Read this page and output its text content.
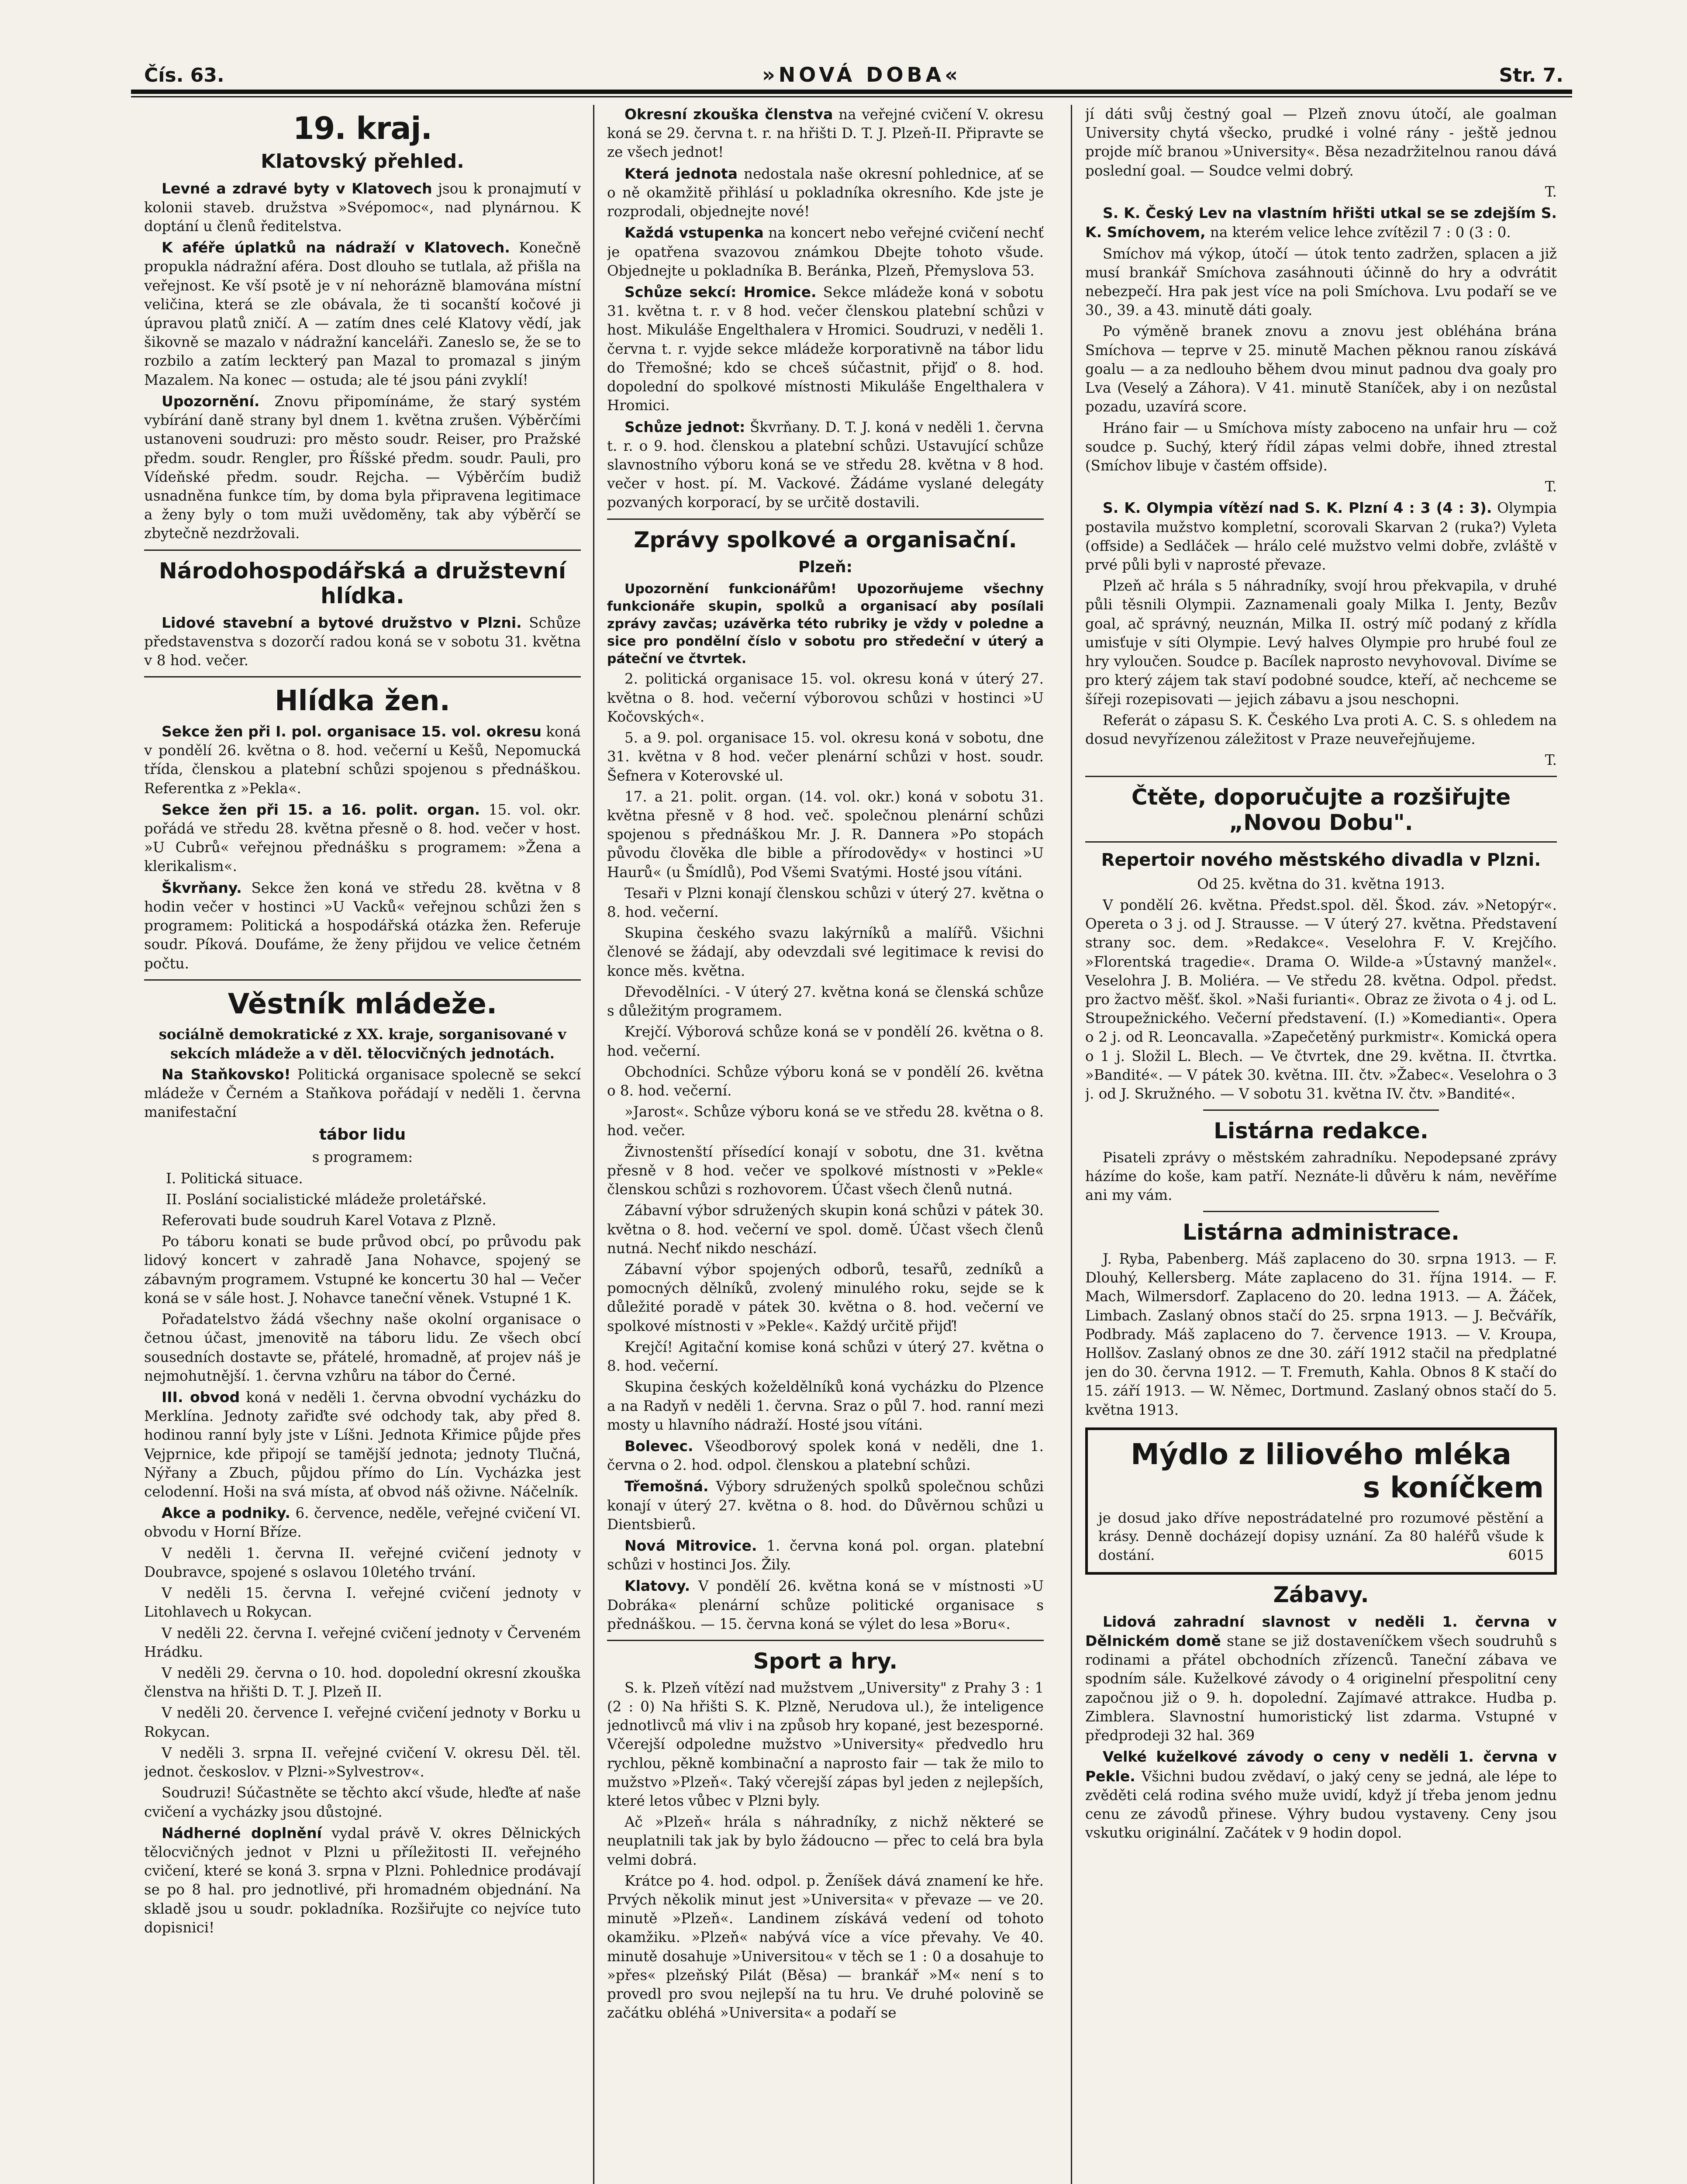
Čís. 63.	»NOVÁ DOBA«	Str. 7.
19. kraj.
Klatovský přehled.

Levné a zdravé byty v Klatovech jsou k pronajmutí v kolonii staveb. družstva »Svépomoc«, nad plynárnou. K doptání u členů ředitelstva.

K aféře úplatků na nádraží v Klatovech. Konečně propukla nádražní aféra. Dost dlouho se tutlala, až přišla na veřejnost. Ke vší psotě je v ní nehoráznĕ blamována místní veličina, která se zle obávala, že ti socanští kočové ji úpravou platů zničí. A — zatím dnes celé Klatovy vědí, jak šikovně se mazalo v nádražní kanceláři. Zaneslo se, že se to rozbilo a zatím leckterý pan Mazal to promazal s jiným Mazalem. Na konec — ostuda; ale té jsou páni zvyklí!

Upozornění. Znovu připomínáme, že starý systém vybírání daně strany byl dnem 1. května zrušen. Výběrčími ustanoveni soudruzi: pro město soudr. Reiser, pro Pražské předm. soudr. Rengler, pro Říšské předm. soudr. Pauli, pro Vídeňské předm. soudr. Rejcha. — Výběrčím budiž usnadněna funkce tím, by doma byla připravena legitimace a ženy byly o tom muži uvědoměny, tak aby výběrčí se zbytečně nezdržovali.

Národohospodářská a družstevní hlídka.

Lidové stavební a bytové družstvo v Plzni. Schůze představenstva s dozorčí radou koná se v sobotu 31. května v 8 hod. večer.

Hlídka žen.

Sekce žen při I. pol. organisace 15. vol. okresu koná v pondělí 26. května o 8. hod. večerní u Kešů, Nepomucká třída, členskou a platební schůzi spojenou s přednáškou. Referentka z »Pekla«.

Sekce žen při 15. a 16. polit. organ. 15. vol. okr. pořádá ve středu 28. května přesně o 8. hod. večer v host. »U Cubrů« veřejnou přednášku s programem: »Žena a klerikalism«.

Škvrňany. Sekce žen koná ve středu 28. května v 8 hodin večer v hostinci »U Vacků« veřejnou schůzi žen s programem: Politická a hospodářská otázka žen. Referuje soudr. Píková. Doufáme, že ženy přijdou ve velice četném počtu.

Věstník mládeže.

sociálně demokratické z XX. kraje, sorganisované v sekcích mládeže a v děl. tělocvičných jednotách.

Na Staňkovsko! Politická organisace spolecně se sekcí mládeže v Černém a Staňkova pořádají v neděli 1. června manifestační

tábor lidu

s programem:

I. Politická situace.

II. Poslání socialistické mládeže proletářské.

Referovati bude soudruh Karel Votava z Plzně.

Po táboru konati se bude průvod obcí, po průvodu pak lidový koncert v zahradě Jana Nohavce, spojený se zábavným programem. Vstupné ke koncertu 30 hal — Večer koná se v sále host. J. Nohavce taneční věnek. Vstupné 1 K.

Pořadatelstvo žádá všechny naše okolní organisace o četnou účast, jmenovitě na táboru lidu. Ze všech obcí sousedních dostavte se, přátelé, hromadně, ať projev náš je nejmohutnější. 1. června vzhůru na tábor do Černé.

III. obvod koná v neděli 1. června obvodní vycházku do Merklína. Jednoty zařiďte své odchody tak, aby před 8. hodinou ranní byly jste v Líšni. Jednota Křimice půjde přes Vejprnice, kde připojí se tamější jednota; jednoty Tlučná, Nýřany a Zbuch, půjdou přímo do Lín. Vycházka jest celodenní. Hoši na svá místa, ať obvod náš oživne. Náčelník.

Akce a podniky. 6. července, neděle, veřejné cvičení VI. obvodu v Horní Bříze.

V neděli 1. června II. veřejné cvičení jednoty v Doubravce, spojené s oslavou 10letého trvání.

V neděli 15. června I. veřejné cvičení jednoty v Litohlavech u Rokycan.

V neděli 22. června I. veřejné cvičení jednoty v Červeném Hrádku.

V neděli 29. června o 10. hod. dopolední okresní zkouška členstva na hřišti D. T. J. Plzeň II.

V neděli 20. července I. veřejné cvičení jednoty v Borku u Rokycan.

V neděli 3. srpna II. veřejné cvičení V. okresu Děl. těl. jednot. českoslov. v Plzni-»Sylvestrov«.

Soudruzi! Súčastněte se těchto akcí všude, hleďte ať naše cvičení a vycházky jsou důstojné.

Nádherné doplnění vydal právě V. okres Dělnických tělocvičných jednot v Plzni u příležitosti II. veřejného cvičení, které se koná 3. srpna v Plzni. Pohlednice prodávají se po 8 hal. pro jednotlivé, při hromadném objednání. Na skladě jsou u soudr. pokladníka. Rozšiřujte co nejvíce tuto dopisnici!

Okresní zkouška členstva na veřejné cvičení V. okresu koná se 29. června t. r. na hřišti D. T. J. Plzeň-II. Připravte se ze všech jednot!

Která jednota nedostala naše okresní pohlednice, ať se o ně okamžitě přihlásí u pokladníka okresního. Kde jste je rozprodali, objednejte nové!

Každá vstupenka na koncert nebo veřejné cvičení nechť je opatřena svazovou známkou Dbejte tohoto všude. Objednejte u pokladníka B. Beránka, Plzeň, Přemyslova 53.

Schůze sekcí: Hromice. Sekce mládeže koná v sobotu 31. května t. r. v 8 hod. večer členskou platební schůzi v host. Mikuláše Engelthalera v Hromici. Soudruzi, v neděli 1. června t. r. vyjde sekce mládeže korporativně na tábor lidu do Třemošné; kdo se chceš súčastnit, přijď o 8. hod. dopolední do spolkové místnosti Mikuláše Engelthalera v Hromici.

Schůze jednot: Škvrňany. D. T. J. koná v neděli 1. června t. r. o 9. hod. členskou a platební schůzi. Ustavující schůze slavnostního výboru koná se ve středu 28. května v 8 hod. večer v host. pí. M. Vackové. Žádáme vyslané delegáty pozvaných korporací, by se určitě dostavili.

Zprávy spolkové a organisační.
Plzeň:

Upozornění funkcionářům! Upozorňujeme všechny funkcionáře skupin, spolků a organisací aby posílali zprávy zavčas; uzávěrka této rubriky je vždy v poledne a sice pro pondělní číslo v sobotu pro středeční v úterý a páteční ve čtvrtek.

2. politická organisace 15. vol. okresu koná v úterý 27. května o 8. hod. večerní výborovou schůzi v hostinci »U Kočovských«.

5. a 9. pol. organisace 15. vol. okresu koná v sobotu, dne 31. května v 8 hod. večer plenární schůzi v host. soudr. Šefnera v Koterovské ul.

17. a 21. polit. organ. (14. vol. okr.) koná v sobotu 31. května přesně v 8 hod. več. společnou plenární schůzi spojenou s přednáškou Mr. J. R. Dannera »Po stopách původu člověka dle bible a přírodovědy« v hostinci »U Haurů« (u Šmídlů), Pod Všemi Svatými. Hosté jsou vítáni.

Tesaři v Plzni konají členskou schůzi v úterý 27. května o 8. hod. večerní.

Skupina českého svazu lakýrníků a malířů. Všichni členové se žádají, aby odevzdali své legitimace k revisi do konce měs. května.

Dřevodělníci. - V úterý 27. května koná se členská schůze s důležitým programem.

Krejčí. Výborová schůze koná se v pondělí 26. května o 8. hod. večerní.

Obchodníci. Schůze výboru koná se v pondělí 26. května o 8. hod. večerní.

»Jarost«. Schůze výboru koná se ve středu 28. května o 8. hod. večer.

Živnostenští přísedící konají v sobotu, dne 31. května přesně v 8 hod. večer ve spolkové místnosti v »Pekle« členskou schůzi s rozhovorem. Účast všech členů nutná.

Zábavní výbor sdružených skupin koná schůzi v pátek 30. května o 8. hod. večerní ve spol. domě. Účast všech členů nutná. Nechť nikdo neschází.

Zábavní výbor spojených odborů, tesařů, zedníků a pomocných dělníků, zvolený minulého roku, sejde se k důležité poradě v pátek 30. května o 8. hod. večerní ve spolkové místnosti v »Pekle«. Každý určitě přijď!

Krejčí! Agitační komise koná schůzi v úterý 27. května o 8. hod. večerní.

Skupina českých koželdělníků koná vycházku do Plzence a na Radyň v neděli 1. června. Sraz o půl 7. hod. ranní mezi mosty u hlavního nádraží. Hosté jsou vítáni.

Bolevec. Všeodborový spolek koná v neděli, dne 1. června o 2. hod. odpol. členskou a platební schůzi.

Třemošná. Výbory sdružených spolků společnou schůzi konají v úterý 27. května o 8. hod. do Důvěrnou schůzi u Dientsbierů.

Nová Mitrovice. 1. června koná pol. organ. platební schůzi v hostinci Jos. Žily.

Klatovy. V pondělí 26. května koná se v místnosti »U Dobráka« plenární schůze politické organisace s přednáškou. — 15. června koná se výlet do lesa »Boru«.

Sport a hry.

S. k. Plzeň vítězí nad mužstvem „University" z Prahy 3 : 1 (2 : 0) Na hřišti S. K. Plzně, Nerudova ul.), že inteligence jednotlivců má vliv i na způsob hry kopané, jest bezesporné. Včerejší odpoledne mužstvo »University« předvedlo hru rychlou, pěkně kombinační a naprosto fair — tak že milo to mužstvo »Plzeň«. Taký včerejší zápas byl jeden z nejlepších, které letos vůbec v Plzni byly.

Ač »Plzeň« hrála s náhradníky, z nichž některé se neuplatnili tak jak by bylo žádoucno — přec to celá bra byla velmi dobrá.

Krátce po 4. hod. odpol. p. Ženíšek dává znamení ke hře. Prvých několik minut jest »Universita« v převaze — ve 20. minutě »Plzeň«. Landinem získává vedení od tohoto okamžiku. »Plzeň« nabývá více a více převahy. Ve 40. minutě dosahuje »Universitou« v těch se 1 : 0 a dosahuje to »přes« plzeňský Pilát (Běsa) — brankář »M« není s to provedl pro svou nejlepší na tu hru. Ve druhé polovině se začátku obléhá »Universita« a podaří se

jí dáti svůj čestný goal — Plzeň znovu útočí, ale goalman University chytá všecko, prudké i volné rány - ještě jednou projde míč branou »University«. Běsa nezadržitelnou ranou dává poslední goal. — Soudce velmi dobrý.

T.

S. K. Český Lev na vlastním hřišti utkal se se zdejším S. K. Smíchovem, na kterém velice lehce zvítězil 7 : 0 (3 : 0.

Smíchov má výkop, útočí — útok tento zadržen, splacen a již musí brankář Smíchova zasáhnouti účinně do hry a odvrátit nebezpečí. Hra pak jest více na poli Smíchova. Lvu podaří se ve 30., 39. a 43. minutě dáti goaly.

Po výměně branek znovu a znovu jest obléhána brána Smíchova — teprve v 25. minutě Machen pěknou ranou získává goalu — a za nedlouho během dvou minut padnou dva goaly pro Lva (Veselý a Záhora). V 41. minutě Staníček, aby i on nezůstal pozadu, uzavírá score.

Hráno fair — u Smíchova místy zaboceno na unfair hru — což soudce p. Suchý, který řídil zápas velmi dobře, ihned ztrestal (Smíchov libuje v častém offside).

T.

S. K. Olympia vítězí nad S. K. Plzní 4 : 3 (4 : 3). Olympia postavila mužstvo kompletní, scorovali Skarvan 2 (ruka?) Vyleta (offside) a Sedláček — hrálo celé mužstvo velmi dobře, zvláště v prvé půli byli v naprosté převaze.

Plzeň ač hrála s 5 náhradníky, svojí hrou překvapila, v druhé půli těsnili Olympii. Zaznamenali goaly Milka I. Jenty, Bezův goal, ač správný, neuznán, Milka II. ostrý míč podaný z křídla umisťuje v síti Olympie. Levý halves Olympie pro hrubé foul ze hry vyloučen. Soudce p. Bacílek naprosto nevyhovoval. Divíme se pro který zájem tak staví podobné soudce, kteří, ač nechceme se šířeji rozepisovati — jejich zábavu a jsou neschopni.

Referát o zápasu S. K. Českého Lva proti A. C. S. s ohledem na dosud nevyřízenou záležitost v Praze neuveřejňujeme.

T.

Čtěte, doporučujte a rozšiřujte „Novou Dobu".
Repertoir nového městského divadla v Plzni.

Od 25. května do 31. května 1913.

V pondělí 26. května. Předst.spol. děl. Škod. záv. »Netopýr«. Opereta o 3 j. od J. Strausse. — V úterý 27. května. Představení strany soc. dem. »Redakce«. Veselohra F. V. Krejčího. »Florentská tragedie«. Drama O. Wilde-a »Ústavný manžel«. Veselohra J. B. Moliéra. — Ve středu 28. května. Odpol. předst. pro žactvo měšť. škol. »Naši furianti«. Obraz ze života o 4 j. od L. Stroupežnického. Večerní představení. (I.) »Komedianti«. Opera o 2 j. od R. Leoncavalla. »Zapečetěný purkmistr«. Komická opera o 1 j. Složil L. Blech. — Ve čtvrtek, dne 29. května. II. čtvrtka. »Bandité«. — V pátek 30. května. III. čtv. »Žabec«. Veselohra o 3 j. od J. Skružného. — V sobotu 31. května IV. čtv. »Bandité«.

Listárna redakce.

Pisateli zprávy o městském zahradníku. Nepodepsané zprávy házíme do koše, kam patří. Neznáte-li důvěru k nám, nevěříme ani my vám.

Listárna administrace.

J. Ryba, Pabenberg. Máš zaplaceno do 30. srpna 1913. — F. Dlouhý, Kellersberg. Máte zaplaceno do 31. října 1914. — F. Mach, Wilmersdorf. Zaplaceno do 20. ledna 1913. — A. Žáček, Limbach. Zaslaný obnos stačí do 25. srpna 1913. — J. Bečvářík, Podbrady. Máš zaplaceno do 7. července 1913. — V. Kroupa, Hollšov. Zaslaný obnos ze dne 30. září 1912 stačil na předplatné jen do 30. června 1912. — T. Fremuth, Kahla. Obnos 8 K stačí do 15. září 1913. — W. Němec, Dortmund. Zaslaný obnos stačí do 5. května 1913.

Mýdlo z liliového mléka
s koníčkem
je dosud jako dříve nepostrádatelné pro rozumové pěstění a krásy. Denně docházejí dopisy uznání. Za 80 haléřů všude k dostání.	6015
Zábavy.

Lidová zahradní slavnost v neděli 1. června v Dělnickém domě stane se již dostaveníčkem všech soudruhů s rodinami a přátel obchodních zřízenců. Taneční zábava ve spodním sále. Kuželkové závody o 4 originelní přespolitní ceny započnou již o 9. h. dopolední. Zajímavé attrakce. Hudba p. Zimblera. Slavnostní humoristický list zdarma. Vstupné v předprodeji 32 hal. 369

Velké kuželkové závody o ceny v neděli 1. června v Pekle. Všichni budou zvědaví, o jaký ceny se jedná, ale lépe to zvěděti celá rodina svého muže uvidí, když jí třeba jenom jednu cenu ze závodů přinese. Výhry budou vystaveny. Ceny jsou vskutku originální. Začátek v 9 hodin dopol.
